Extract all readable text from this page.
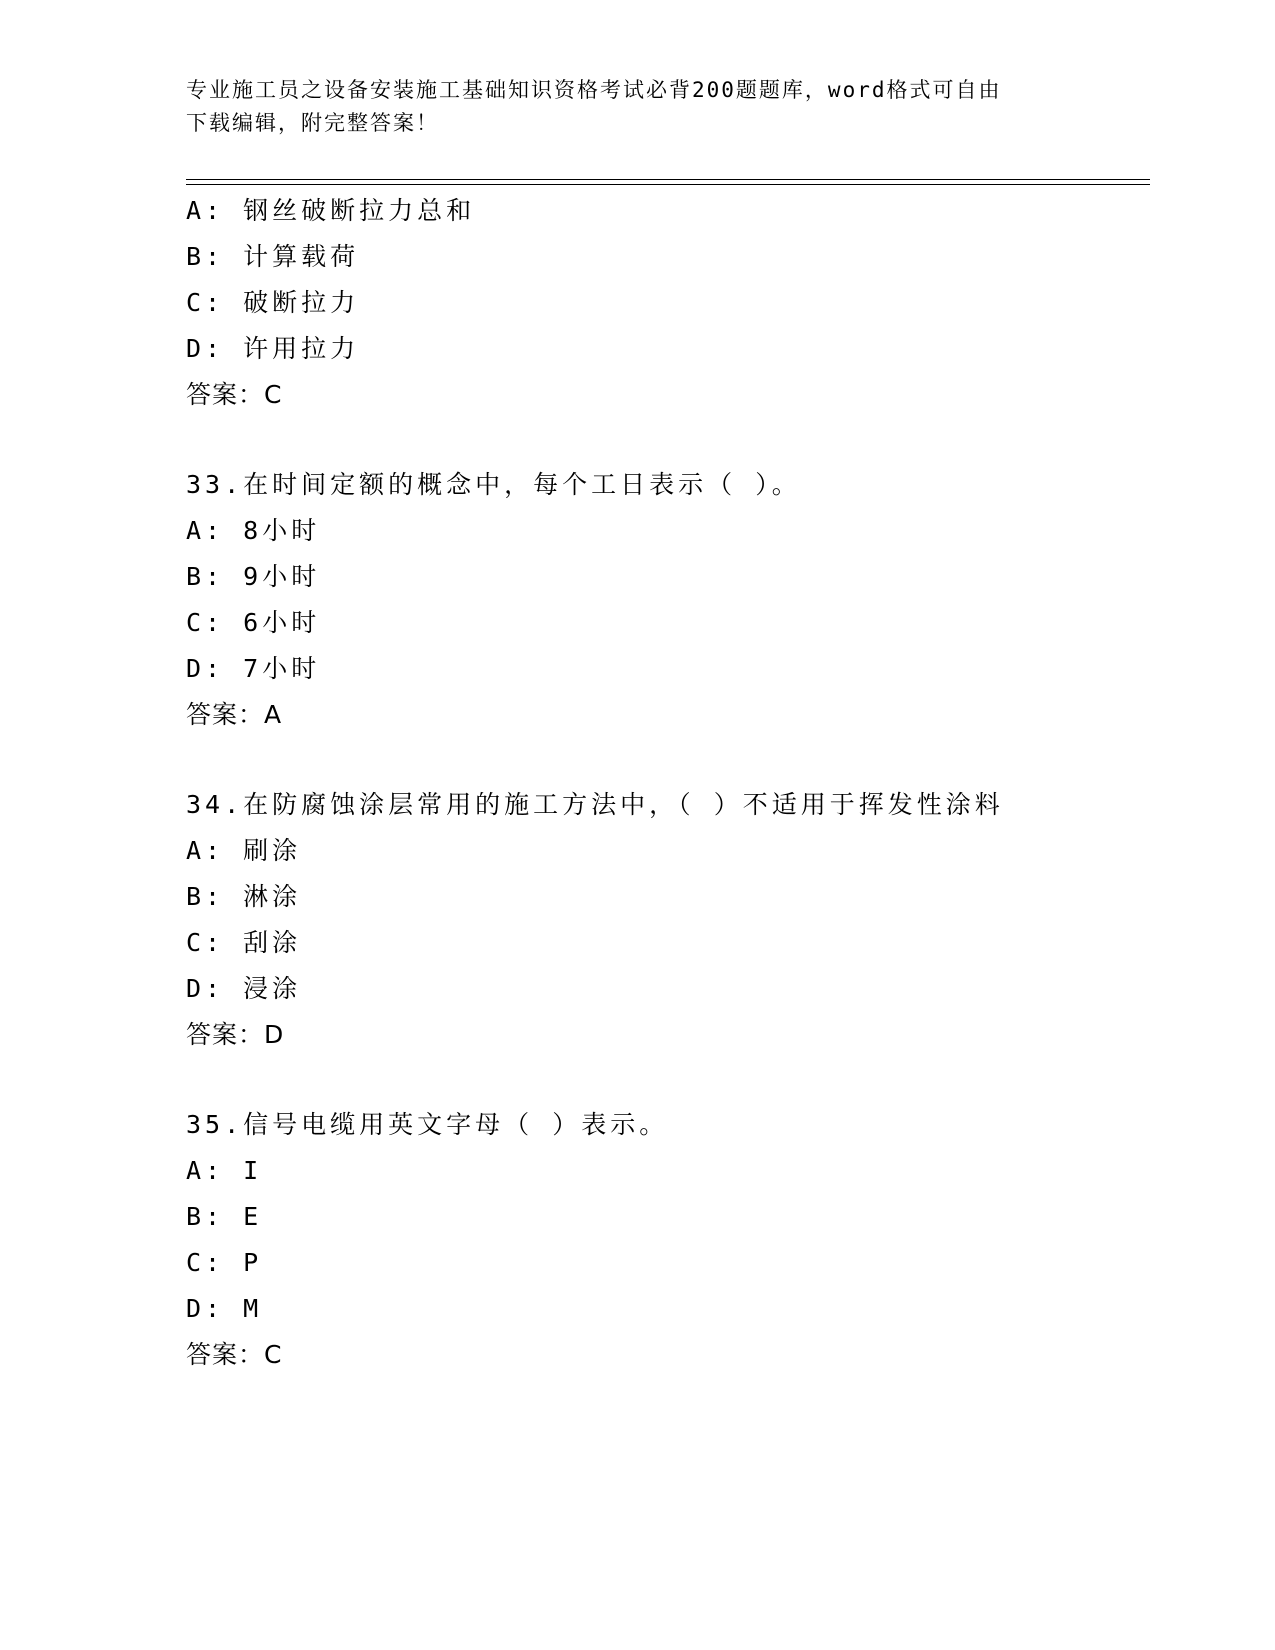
专业施工员之设备安装施工基础知识资格考试必背200题题库，word格式可自由
下载编辑，附完整答案！
A: 钢丝破断拉力总和
B: 计算载荷
C: 破断拉力
D: 许用拉力
答案：C
33.在时间定额的概念中，每个工日表示（ ）。
A: 8小时
B: 9小时
C: 6小时
D: 7小时
答案：A
34.在防腐蚀涂层常用的施工方法中，（ ）不适用于挥发性涂料
A: 刷涂
B: 淋涂
C: 刮涂
D: 浸涂
答案：D
35.信号电缆用英文字母（ ）表示。
A: I
B: E
C: P
D: M
答案：C
